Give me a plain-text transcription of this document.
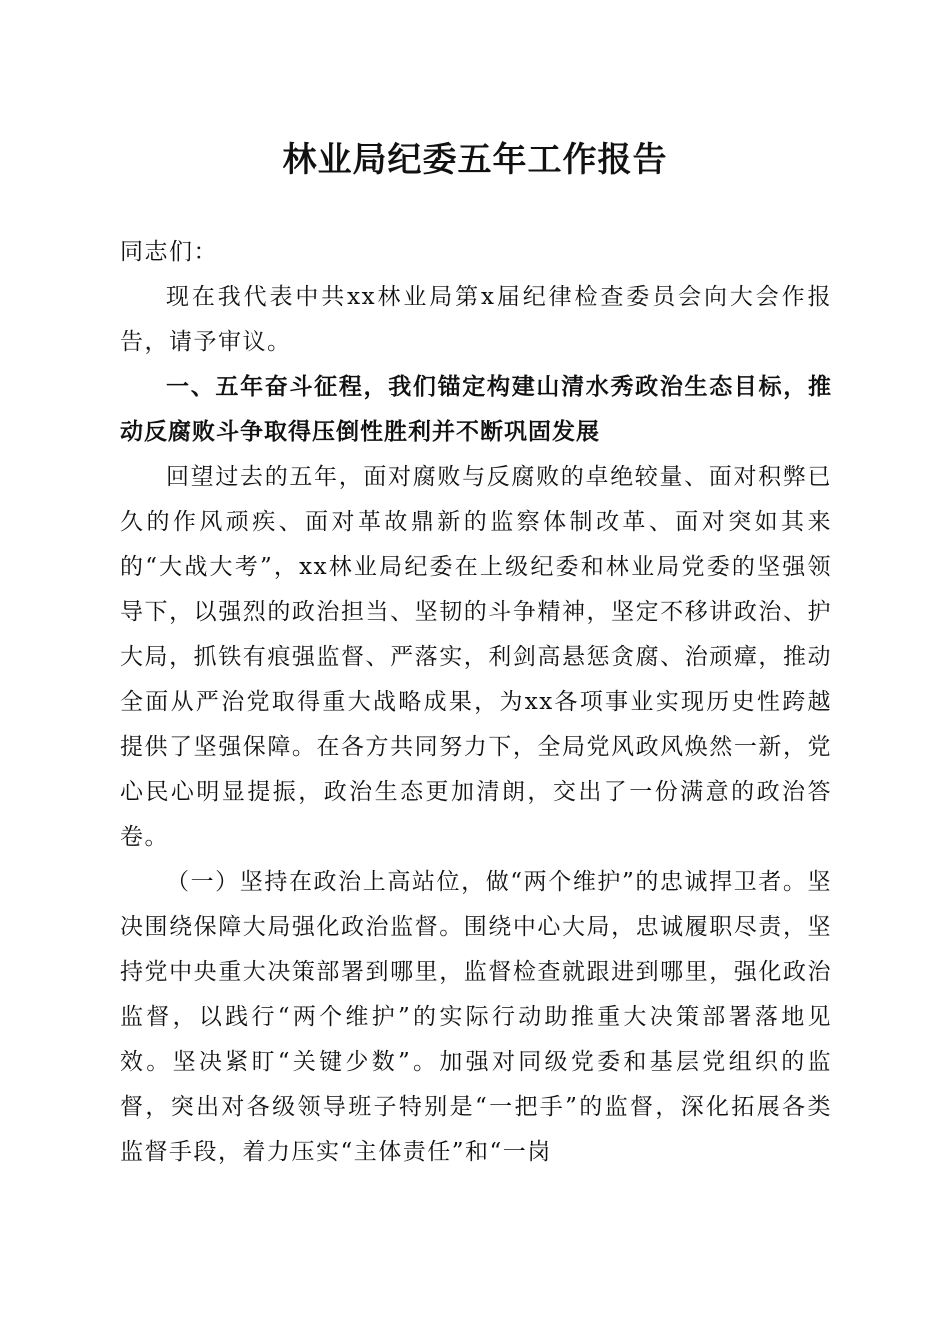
林业局纪委五年工作报告

同志们：

现在我代表中共xx林业局第x届纪律检查委员会向大会作报告，请予审议。

一、五年奋斗征程，我们锚定构建山清水秀政治生态目标，推动反腐败斗争取得压倒性胜利并不断巩固发展

回望过去的五年，面对腐败与反腐败的卓绝较量、面对积弊已久的作风顽疾、面对革故鼎新的监察体制改革、面对突如其来的“大战大考”，xx林业局纪委在上级纪委和林业局党委的坚强领导下，以强烈的政治担当、坚韧的斗争精神，坚定不移讲政治、护大局，抓铁有痕强监督、严落实，利剑高悬惩贪腐、治顽瘴，推动全面从严治党取得重大战略成果，为xx各项事业实现历史性跨越提供了坚强保障。在各方共同努力下，全局党风政风焕然一新，党心民心明显提振，政治生态更加清朗，交出了一份满意的政治答卷。

（一）坚持在政治上高站位，做“两个维护”的忠诚捍卫者。坚决围绕保障大局强化政治监督。围绕中心大局，忠诚履职尽责，坚持党中央重大决策部署到哪里，监督检查就跟进到哪里，强化政治监督，以践行“两个维护”的实际行动助推重大决策部署落地见效。坚决紧盯“关键少数”。加强对同级党委和基层党组织的监督，突出对各级领导班子特别是“一把手”的监督，深化拓展各类监督手段，着力压实“主体责任”和“一岗
